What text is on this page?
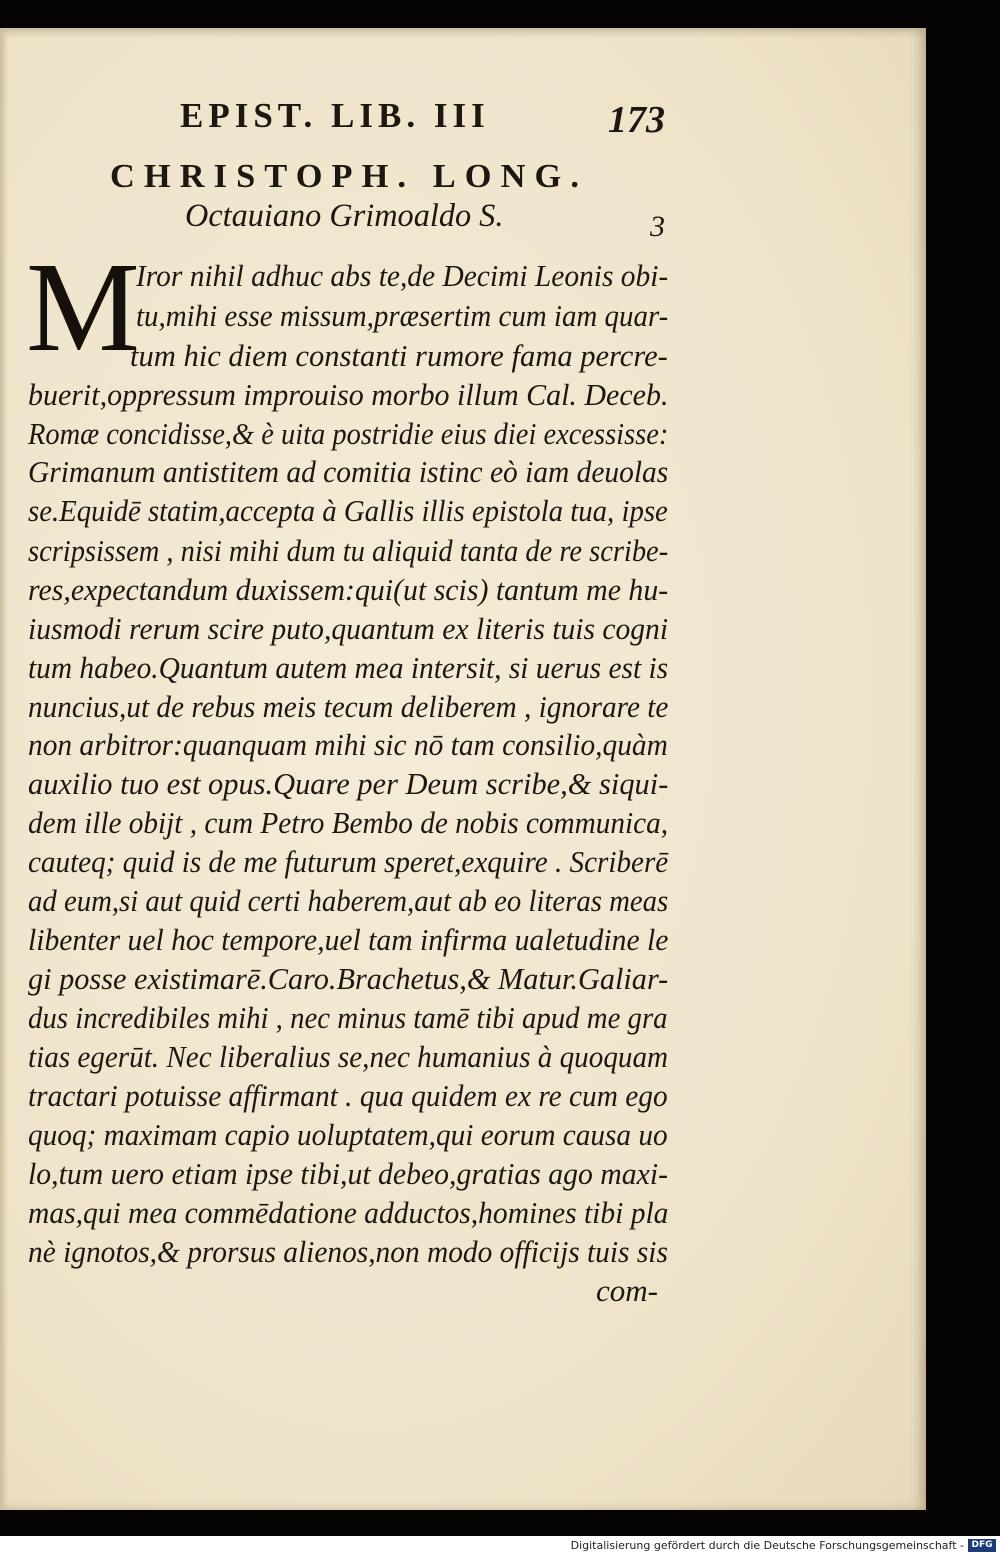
EPIST. LIB. III	173
CHRISTOPH. LONG.
Octauiano Grimoaldo S.	3
M
Iror nihil adhuc abs te,de Decimi Leonis obi-
tu,mihi esse missum,præsertim cum iam quar-
tum hic diem constanti rumore fama percre-
buerit,oppressum improuiso morbo illum Cal. Deceb.
Romæ concidisse,& è uita postridie eius diei excessisse:
Grimanum antistitem ad comitia istinc eò iam deuolas
se.Equidē statim,accepta à Gallis illis epistola tua, ipse
scripsissem , nisi mihi dum tu aliquid tanta de re scribe-
res,expectandum duxissem:qui(ut scis) tantum me hu-
iusmodi rerum scire puto,quantum ex literis tuis cogni
tum habeo.Quantum autem mea intersit, si uerus est is
nuncius,ut de rebus meis tecum deliberem , ignorare te
non arbitror:quanquam mihi sic nō tam consilio,quàm
auxilio tuo est opus.Quare per Deum scribe,& siqui-
dem ille obijt , cum Petro Bembo de nobis communica,
cauteq; quid is de me futurum speret,exquire . Scriberē
ad eum,si aut quid certi haberem,aut ab eo literas meas
libenter uel hoc tempore,uel tam infirma ualetudine le
gi posse existimarē.Caro.Brachetus,& Matur.Galiar-
dus incredibiles mihi , nec minus tamē tibi apud me gra
tias egerūt. Nec liberalius se,nec humanius à quoquam
tractari potuisse affirmant . qua quidem ex re cum ego
quoq; maximam capio uoluptatem,qui eorum causa uo
lo,tum uero etiam ipse tibi,ut debeo,gratias ago maxi-
mas,qui mea commēdatione adductos,homines tibi pla
nè ignotos,& prorsus alienos,non modo officijs tuis sis
com-
Digitalisierung gefördert durch die Deutsche Forschungsgemeinschaft - DFG
